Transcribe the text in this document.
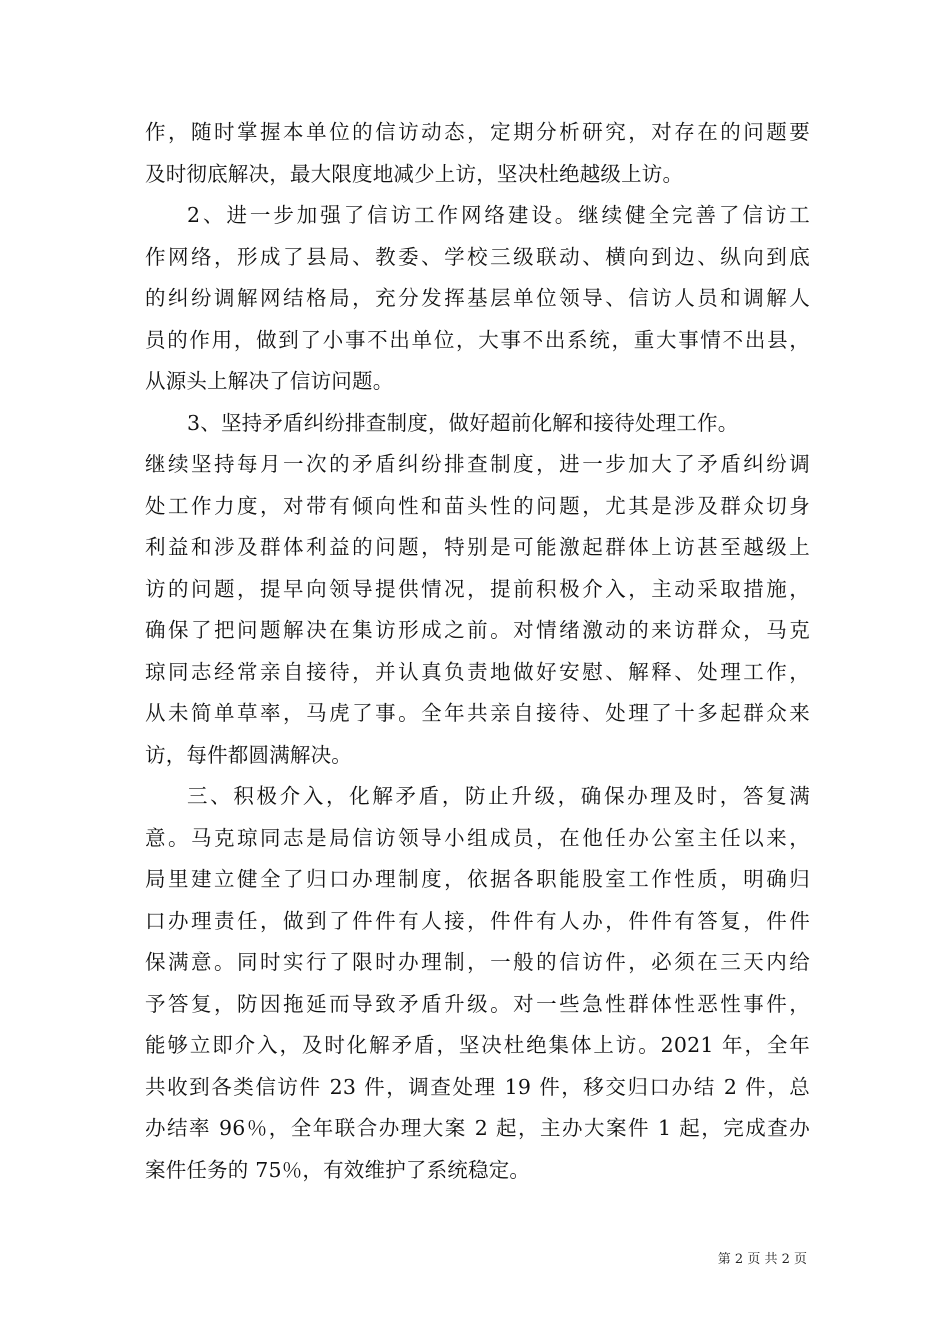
作，随时掌握本单位的信访动态，定期分析研究，对存在的问题要
及时彻底解决，最大限度地减少上访，坚决杜绝越级上访。
2、进一步加强了信访工作网络建设。继续健全完善了信访工
作网络，形成了县局、教委、学校三级联动、横向到边、纵向到底
的纠纷调解网结格局，充分发挥基层单位领导、信访人员和调解人
员的作用，做到了小事不出单位，大事不出系统，重大事情不出县，
从源头上解决了信访问题。
3、坚持矛盾纠纷排查制度，做好超前化解和接待处理工作。
继续坚持每月一次的矛盾纠纷排查制度，进一步加大了矛盾纠纷调
处工作力度，对带有倾向性和苗头性的问题，尤其是涉及群众切身
利益和涉及群体利益的问题，特别是可能激起群体上访甚至越级上
访的问题，提早向领导提供情况，提前积极介入，主动采取措施，
确保了把问题解决在集访形成之前。对情绪激动的来访群众，马克
琼同志经常亲自接待，并认真负责地做好安慰、解释、处理工作，
从未简单草率，马虎了事。全年共亲自接待、处理了十多起群众来
访，每件都圆满解决。
三、积极介入，化解矛盾，防止升级，确保办理及时，答复满
意。马克琼同志是局信访领导小组成员，在他任办公室主任以来，
局里建立健全了归口办理制度，依据各职能股室工作性质，明确归
口办理责任，做到了件件有人接，件件有人办，件件有答复，件件
保满意。同时实行了限时办理制，一般的信访件，必须在三天内给
予答复，防因拖延而导致矛盾升级。对一些急性群体性恶性事件，
能够立即介入，及时化解矛盾，坚决杜绝集体上访。2021 年，全年
共收到各类信访件 23 件，调查处理 19 件，移交归口办结 2 件，总
办结率 96％，全年联合办理大案 2 起，主办大案件 1 起，完成查办
案件任务的 75％，有效维护了系统稳定。
第 2 页 共 2 页
